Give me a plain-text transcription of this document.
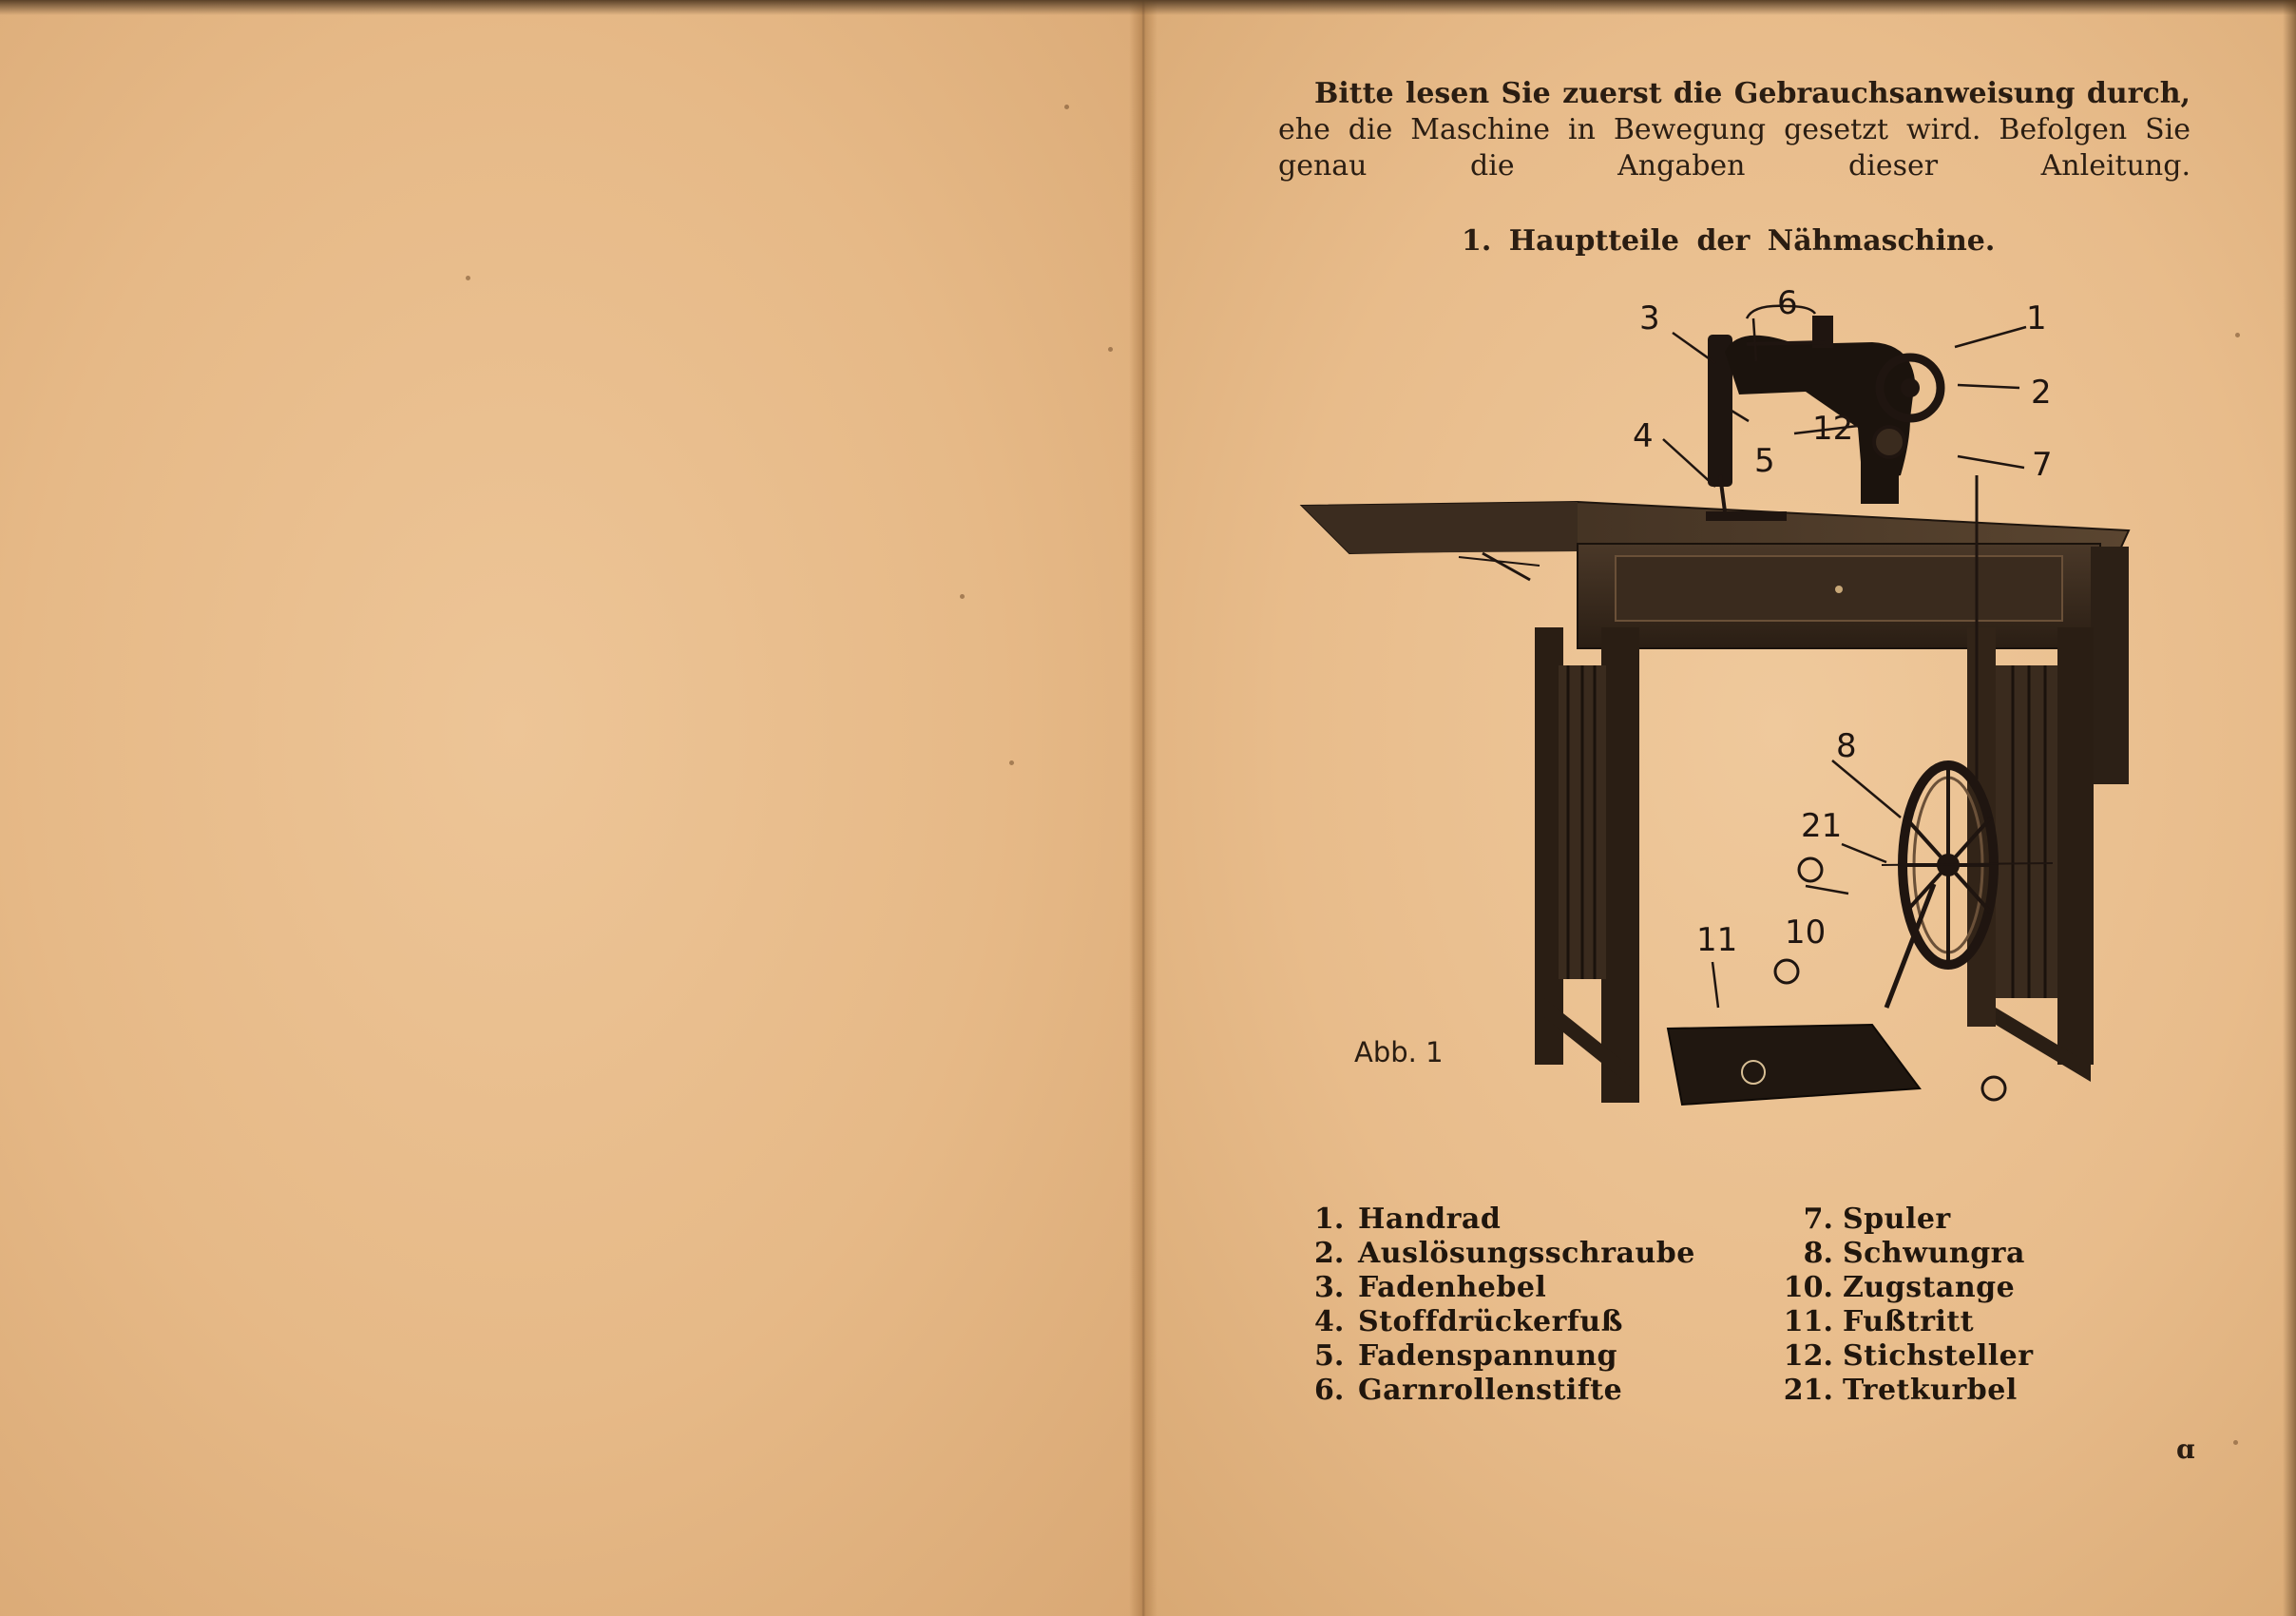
Bitte lesen Sie zuerst die Gebrauchsanweisung durch, ehe die Maschine in Bewegung gesetzt wird. Befolgen Sie genau die Angaben dieser Anleitung.

1. Hauptteile der Nähmaschine.
3
4
5
6	1
2
12
7
8
21
10
11
Abb. 1
1. Handrad
2. Auslösungsschraube
3. Fadenhebel
4. Stoffdrückerfuß
5. Fadenspannung
6. Garnrollenstifte
7. Spuler
8. Schwungra
10. Zugstange
11. Fußtritt
12. Stichsteller
21. Tretkurbel
ɑ
